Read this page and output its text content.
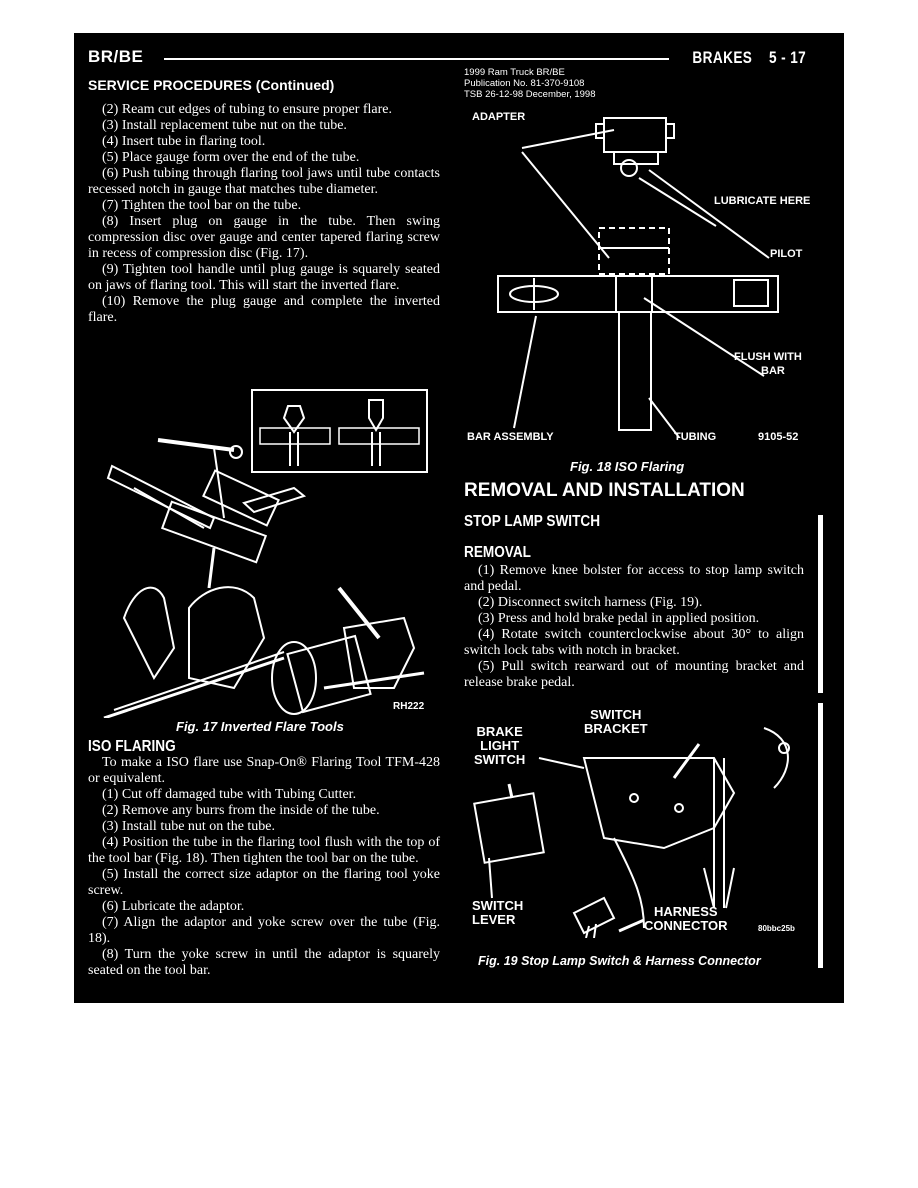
BR/BE	BRAKES    5 - 17
1999 Ram Truck BR/BE
Publication No. 81-370-9108
TSB 26-12-98 December, 1998
SERVICE PROCEDURES (Continued)

(2) Ream cut edges of tubing to ensure proper flare.

(3) Install replacement tube nut on the tube.

(4) Insert tube in flaring tool.

(5) Place gauge form over the end of the tube.

(6) Push tubing through flaring tool jaws until tube contacts recessed notch in gauge that matches tube diameter.

(7) Tighten the tool bar on the tube.

(8) Insert plug on gauge in the tube. Then swing compression disc over gauge and center tapered flaring screw in recess of compression disc (Fig. 17).

(9) Tighten tool handle until plug gauge is squarely seated on jaws of flaring tool. This will start the inverted flare.

(10) Remove the plug gauge and complete the inverted flare.

RH222
Fig. 17 Inverted Flare Tools
ISO FLARING

To make a ISO flare use Snap-On® Flaring Tool TFM-428 or equivalent.

(1) Cut off damaged tube with Tubing Cutter.

(2) Remove any burrs from the inside of the tube.

(3) Install tube nut on the tube.

(4) Position the tube in the flaring tool flush with the top of the tool bar (Fig. 18). Then tighten the tool bar on the tube.

(5) Install the correct size adaptor on the flaring tool yoke screw.

(6) Lubricate the adaptor.

(7) Align the adaptor and yoke screw over the tube (Fig. 18).

(8) Turn the yoke screw in until the adaptor is squarely seated on the tool bar.

ADAPTER
LUBRICATE HERE
PILOT
FLUSH WITH
BAR
BAR ASSEMBLY	TUBING	9105-52
Fig. 18 ISO Flaring
REMOVAL AND INSTALLATION
STOP LAMP SWITCH
REMOVAL

(1) Remove knee bolster for access to stop lamp switch and pedal.

(2) Disconnect switch harness (Fig. 19).

(3) Press and hold brake pedal in applied position.

(4) Rotate switch counterclockwise about 30° to align switch lock tabs with notch in bracket.

(5) Pull switch rearward out of mounting bracket and release brake pedal.

SWITCH
BRACKET
BRAKE
LIGHT
SWITCH
SWITCH
LEVER
HARNESS
CONNECTOR	80bbc25b
Fig. 19 Stop Lamp Switch & Harness Connector
